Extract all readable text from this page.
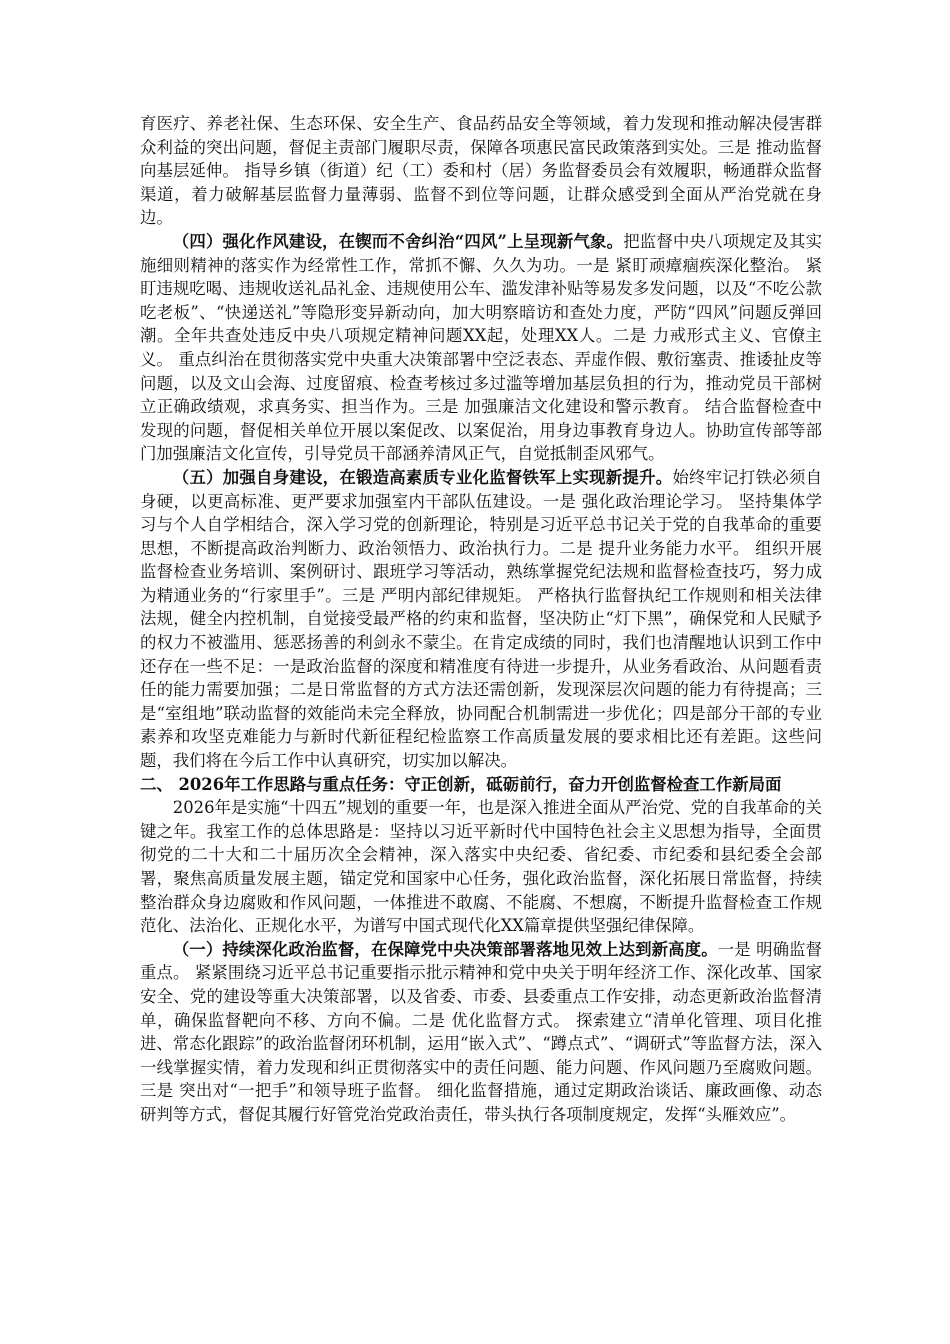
育医疗、养老社保、生态环保、安全生产、食品药品安全等领域，着力发现和推动解决侵害群众利益的突出问题，督促主责部门履职尽责，保障各项惠民富民政策落到实处。三是 推动监督向基层延伸。 指导乡镇（街道）纪（工）委和村（居）务监督委员会有效履职，畅通群众监督渠道，着力破解基层监督力量薄弱、监督不到位等问题，让群众感受到全面从严治党就在身边。

（四）强化作风建设，在锲而不舍纠治“四风”上呈现新气象。把监督中央八项规定及其实施细则精神的落实作为经常性工作，常抓不懈、久久为功。一是 紧盯顽瘴痼疾深化整治。 紧盯违规吃喝、违规收送礼品礼金、违规使用公车、滥发津补贴等易发多发问题，以及“不吃公款吃老板”、“快递送礼”等隐形变异新动向，加大明察暗访和查处力度，严防“四风”问题反弹回潮。全年共查处违反中央八项规定精神问题XX起，处理XX人。二是 力戒形式主义、官僚主义。 重点纠治在贯彻落实党中央重大决策部署中空泛表态、弄虚作假、敷衍塞责、推诿扯皮等问题，以及文山会海、过度留痕、检查考核过多过滥等增加基层负担的行为，推动党员干部树立正确政绩观，求真务实、担当作为。三是 加强廉洁文化建设和警示教育。 结合监督检查中发现的问题，督促相关单位开展以案促改、以案促治，用身边事教育身边人。协助宣传部等部门加强廉洁文化宣传，引导党员干部涵养清风正气，自觉抵制歪风邪气。

（五）加强自身建设，在锻造高素质专业化监督铁军上实现新提升。始终牢记打铁必须自身硬，以更高标准、更严要求加强室内干部队伍建设。一是 强化政治理论学习。 坚持集体学习与个人自学相结合，深入学习党的创新理论，特别是习近平总书记关于党的自我革命的重要思想，不断提高政治判断力、政治领悟力、政治执行力。二是 提升业务能力水平。 组织开展监督检查业务培训、案例研讨、跟班学习等活动，熟练掌握党纪法规和监督检查技巧，努力成为精通业务的“行家里手”。三是 严明内部纪律规矩。 严格执行监督执纪工作规则和相关法律法规，健全内控机制，自觉接受最严格的约束和监督，坚决防止“灯下黑”，确保党和人民赋予的权力不被滥用、惩恶扬善的利剑永不蒙尘。在肯定成绩的同时，我们也清醒地认识到工作中还存在一些不足：一是政治监督的深度和精准度有待进一步提升，从业务看政治、从问题看责任的能力需要加强；二是日常监督的方式方法还需创新，发现深层次问题的能力有待提高；三是“室组地”联动监督的效能尚未完全释放，协同配合机制需进一步优化；四是部分干部的专业素养和攻坚克难能力与新时代新征程纪检监察工作高质量发展的要求相比还有差距。这些问题，我们将在今后工作中认真研究，切实加以解决。

二、 2026年工作思路与重点任务：守正创新，砥砺前行，奋力开创监督检查工作新局面

2026年是实施“十四五”规划的重要一年，也是深入推进全面从严治党、党的自我革命的关键之年。我室工作的总体思路是：坚持以习近平新时代中国特色社会主义思想为指导，全面贯彻党的二十大和二十届历次全会精神，深入落实中央纪委、省纪委、市纪委和县纪委全会部署，聚焦高质量发展主题，锚定党和国家中心任务，强化政治监督，深化拓展日常监督，持续整治群众身边腐败和作风问题，一体推进不敢腐、不能腐、不想腐，不断提升监督检查工作规范化、法治化、正规化水平，为谱写中国式现代化XX篇章提供坚强纪律保障。

（一）持续深化政治监督，在保障党中央决策部署落地见效上达到新高度。一是 明确监督重点。 紧紧围绕习近平总书记重要指示批示精神和党中央关于明年经济工作、深化改革、国家安全、党的建设等重大决策部署，以及省委、市委、县委重点工作安排，动态更新政治监督清单，确保监督靶向不移、方向不偏。二是 优化监督方式。 探索建立“清单化管理、项目化推进、常态化跟踪”的政治监督闭环机制，运用“嵌入式”、“蹲点式”、“调研式”等监督方法，深入一线掌握实情，着力发现和纠正贯彻落实中的责任问题、能力问题、作风问题乃至腐败问题。三是 突出对“一把手”和领导班子监督。 细化监督措施，通过定期政治谈话、廉政画像、动态研判等方式，督促其履行好管党治党政治责任，带头执行各项制度规定，发挥“头雁效应”。
